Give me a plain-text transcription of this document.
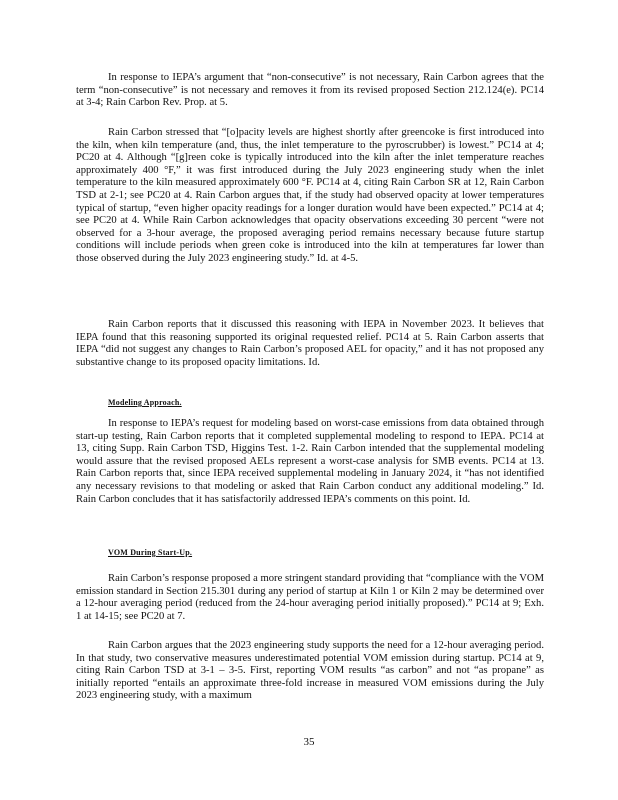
In response to IEPA’s argument that “non-consecutive” is not necessary, Rain Carbon agrees that the term “non-consecutive” is not necessary and removes it from its revised proposed Section 212.124(e). PC14 at 3-4; Rain Carbon Rev. Prop. at 5.

Rain Carbon stressed that “[o]pacity levels are highest shortly after greencoke is first introduced into the kiln, when kiln temperature (and, thus, the inlet temperature to the pyroscrubber) is lowest.” PC14 at 4; PC20 at 4. Although “[g]reen coke is typically introduced into the kiln after the inlet temperature reaches approximately 400 °F,” it was first introduced during the July 2023 engineering study when the inlet temperature to the kiln measured approximately 600 °F. PC14 at 4, citing Rain Carbon SR at 12, Rain Carbon TSD at 2-1; see PC20 at 4. Rain Carbon argues that, if the study had observed opacity at lower temperatures typical of startup, “even higher opacity readings for a longer duration would have been expected.” PC14 at 4; see PC20 at 4. While Rain Carbon acknowledges that opacity observations exceeding 30 percent “were not observed for a 3-hour average, the proposed averaging period remains necessary because future startup conditions will include periods when green coke is introduced into the kiln at temperatures far lower than those observed during the July 2023 engineering study.” Id. at 4-5.

Rain Carbon reports that it discussed this reasoning with IEPA in November 2023. It believes that IEPA found that this reasoning supported its original requested relief. PC14 at 5. Rain Carbon asserts that IEPA “did not suggest any changes to Rain Carbon’s proposed AEL for opacity,” and it has not proposed any substantive change to its proposed opacity limitations. Id.

Modeling Approach.

In response to IEPA’s request for modeling based on worst-case emissions from data obtained through start-up testing, Rain Carbon reports that it completed supplemental modeling to respond to IEPA. PC14 at 13, citing Supp. Rain Carbon TSD, Higgins Test. 1-2. Rain Carbon intended that the supplemental modeling would assure that the revised proposed AELs represent a worst-case analysis for SMB events. PC14 at 13. Rain Carbon reports that, since IEPA received supplemental modeling in January 2024, it “has not identified any necessary revisions to that modeling or asked that Rain Carbon conduct any additional modeling.” Id. Rain Carbon concludes that it has satisfactorily addressed IEPA’s comments on this point. Id.

VOM During Start-Up.

Rain Carbon’s response proposed a more stringent standard providing that “compliance with the VOM emission standard in Section 215.301 during any period of startup at Kiln 1 or Kiln 2 may be determined over a 12-hour averaging period (reduced from the 24-hour averaging period initially proposed).” PC14 at 9; Exh. 1 at 14-15; see PC20 at 7.

Rain Carbon argues that the 2023 engineering study supports the need for a 12-hour averaging period. In that study, two conservative measures underestimated potential VOM emission during startup. PC14 at 9, citing Rain Carbon TSD at 3-1 – 3-5. First, reporting VOM results “as carbon” and not “as propane” as initially reported “entails an approximate three-fold increase in measured VOM emissions during the July 2023 engineering study, with a maximum

35
